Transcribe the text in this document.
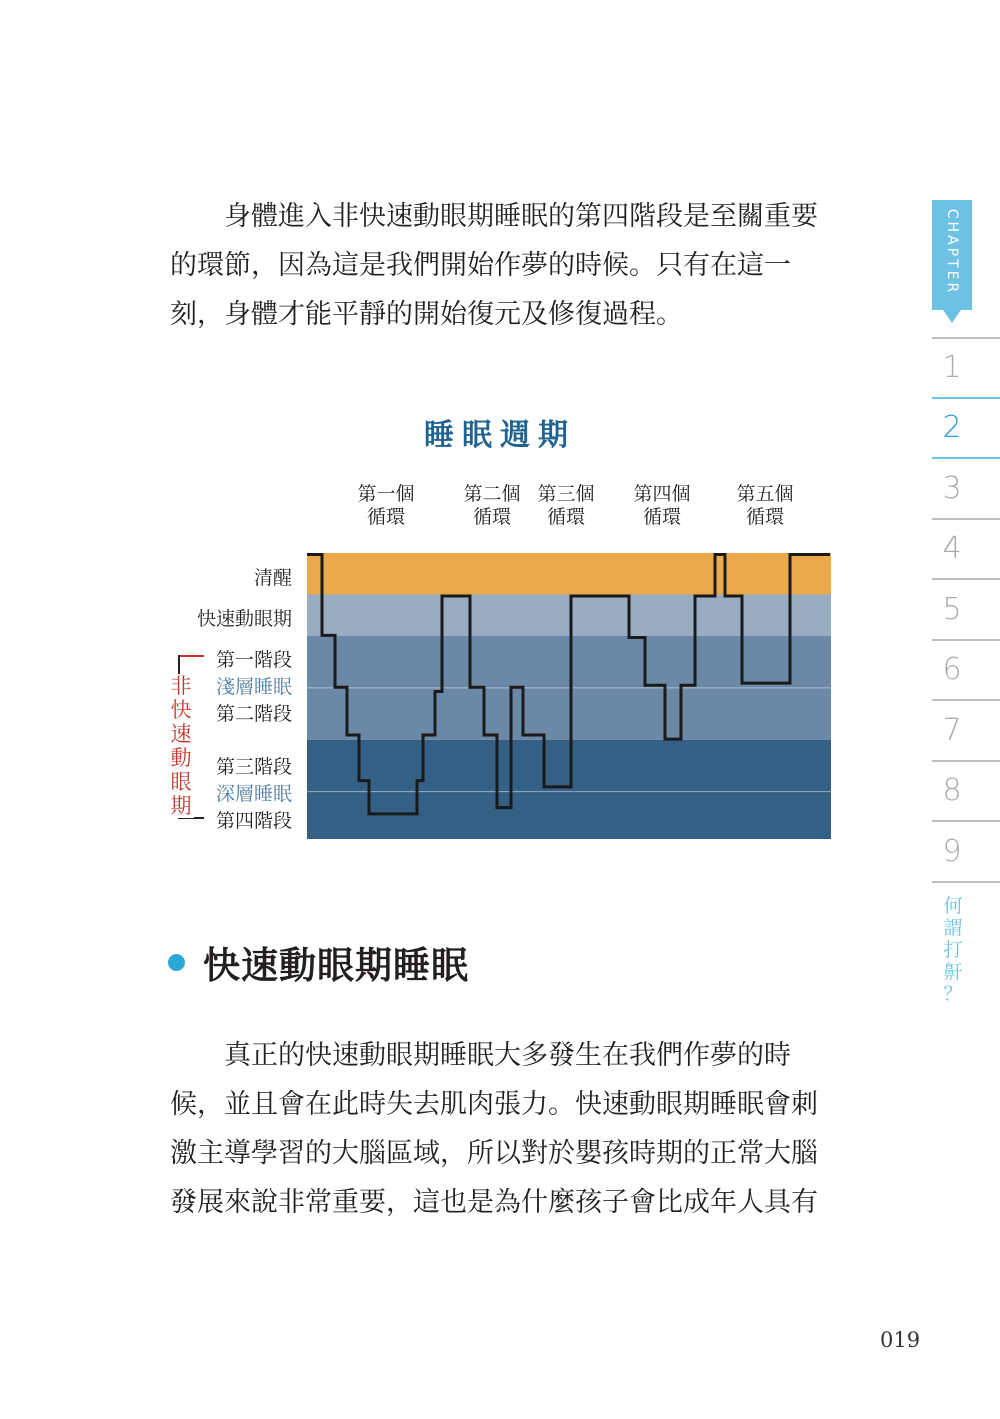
　　身體進入非快速動眼期睡眠的第四階段是至關重要

的環節，因為這是我們開始作夢的時候。只有在這一

刻，身體才能平靜的開始復元及修復過程。

睡眠週期
第一個
循環
第二個
循環
第三個
循環
第四個
循環
第五個
循環
清醒
快速動眼期
第一階段
淺層睡眠
第二階段
第三階段
深層睡眠
第四階段
非
快
速
動
眼
期
快速動眼期睡眠

　　真正的快速動眼期睡眠大多發生在我們作夢的時

候，並且會在此時失去肌肉張力。快速動眼期睡眠會刺

激主導學習的大腦區域，所以對於嬰孩時期的正常大腦

發展來說非常重要，這也是為什麼孩子會比成年人具有

019
CHAPTER
1
2
3
4
5
6
7
8
9
何
謂
打
鼾
？
